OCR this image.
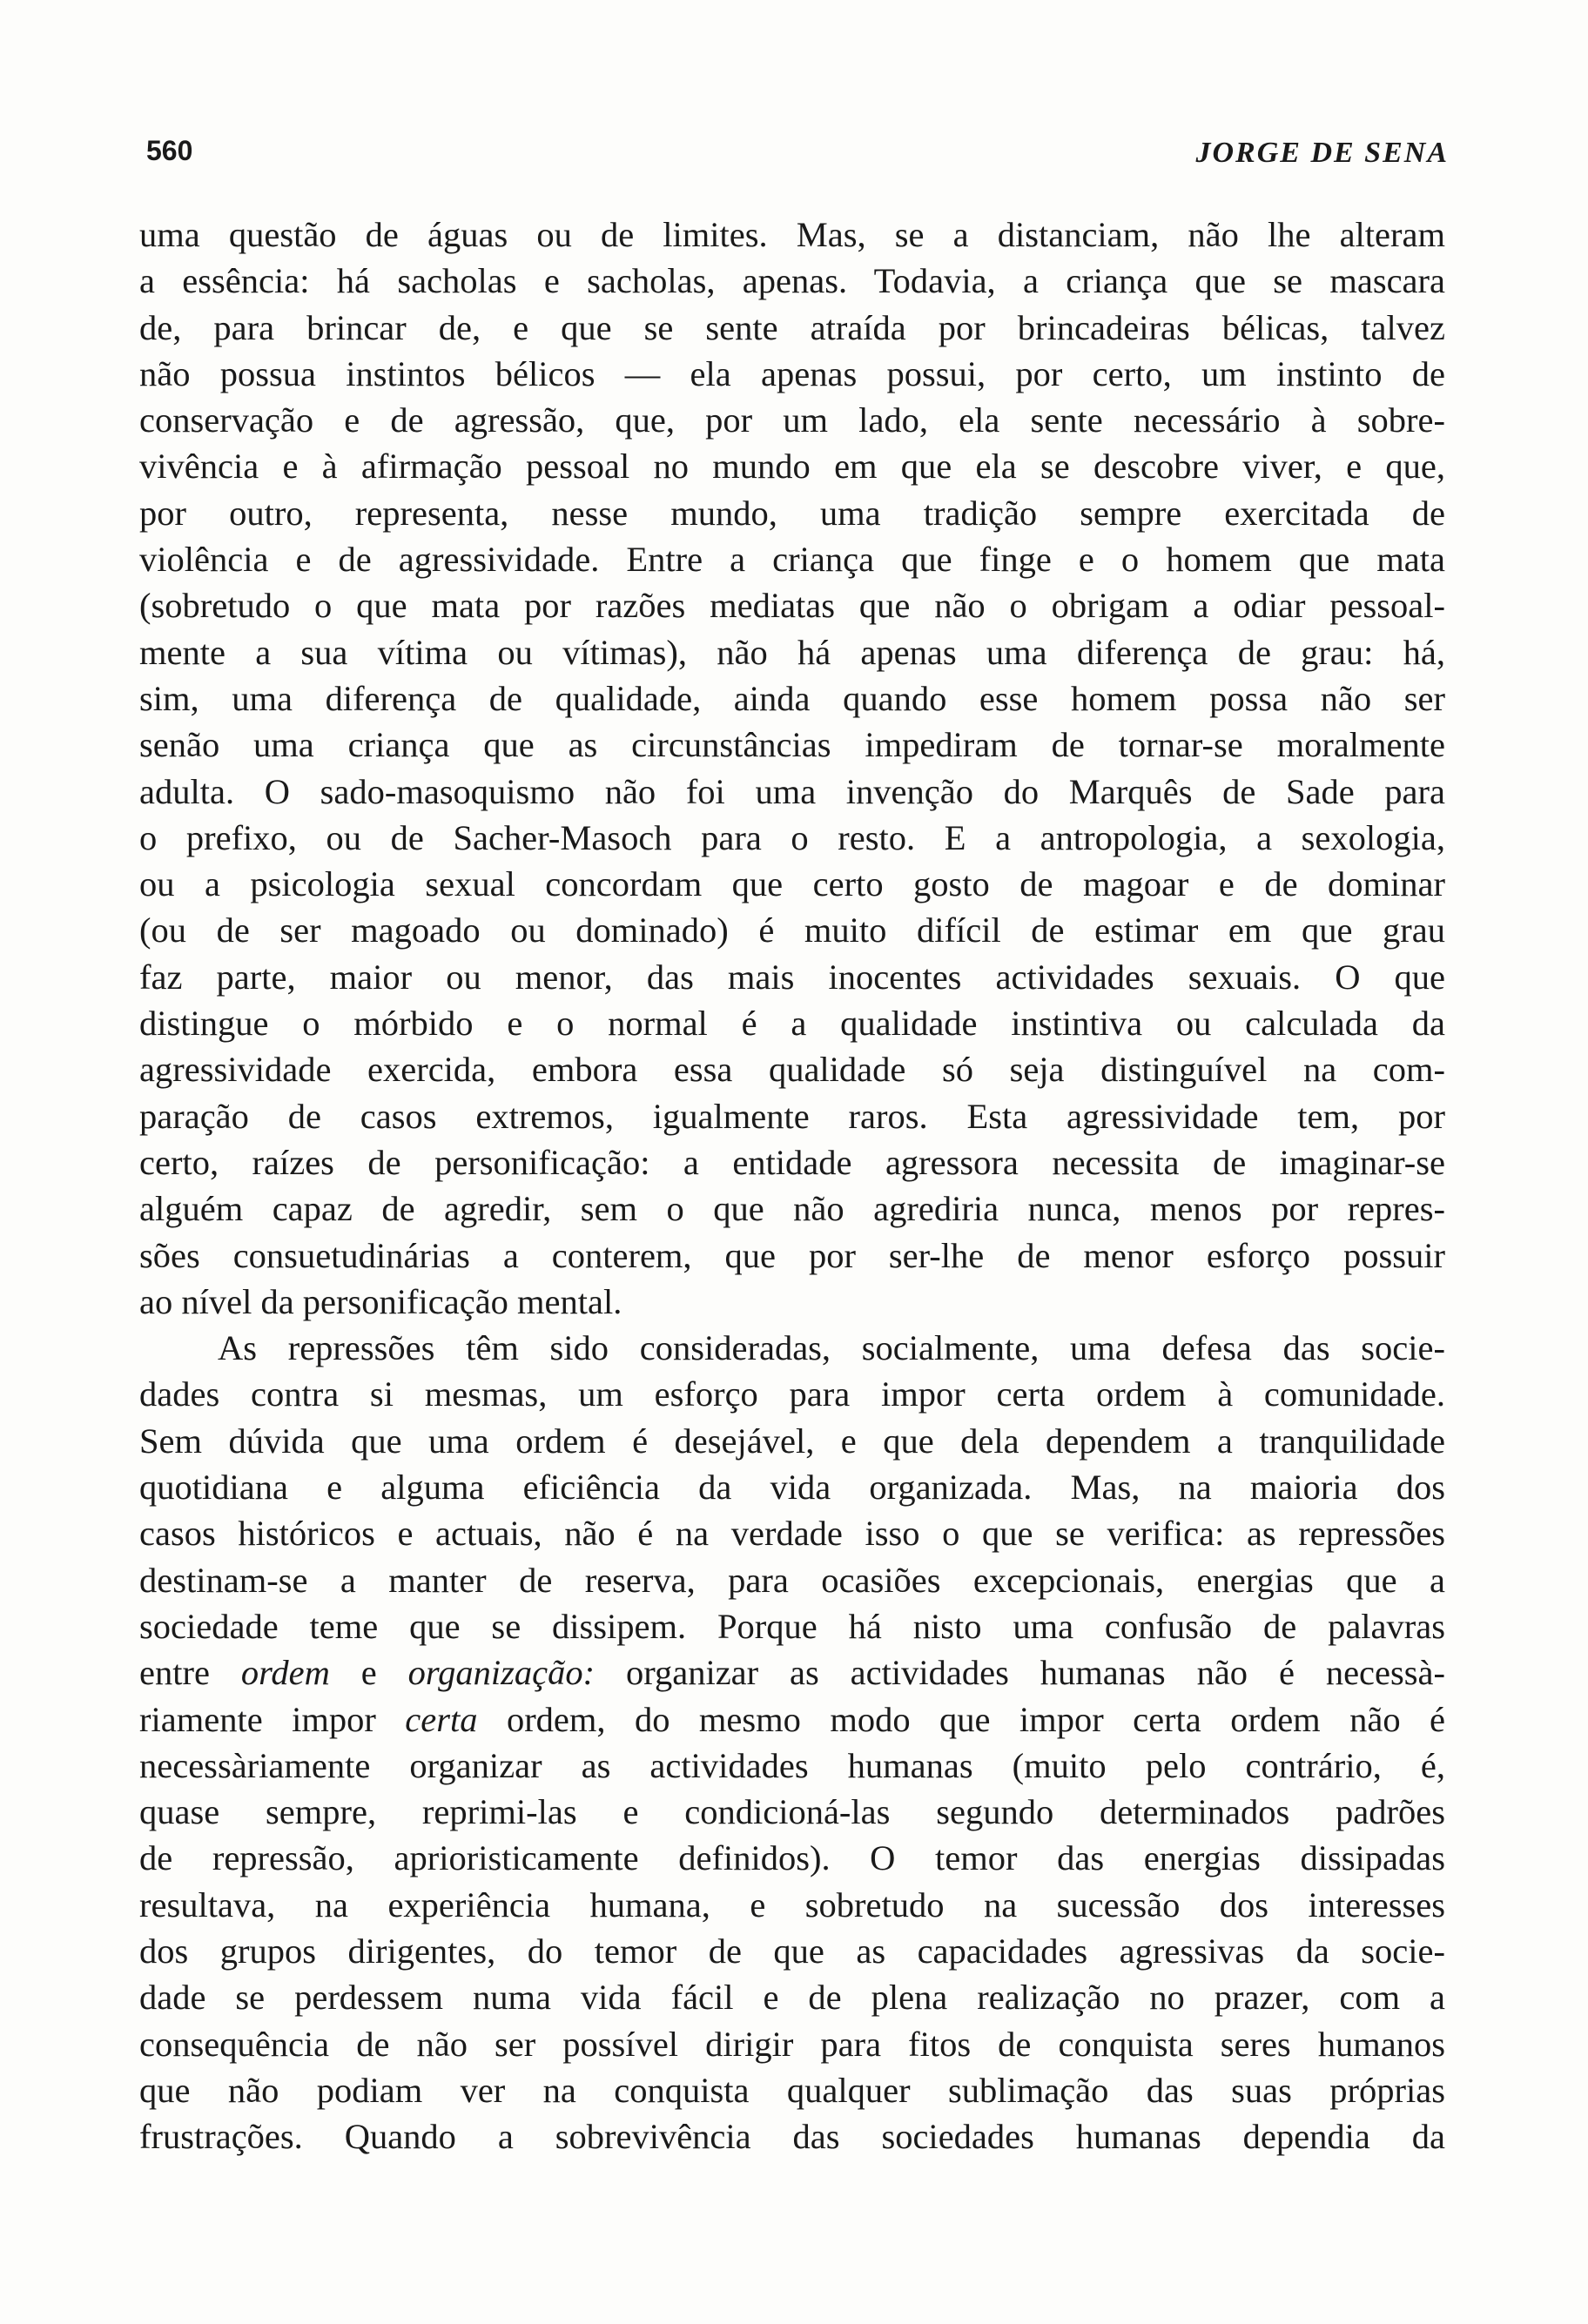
560	JORGE DE SENA
uma questão de águas ou de limites. Mas, se a distanciam, não lhe alteram
a essência: há sacholas e sacholas, apenas. Todavia, a criança que se mascara
de, para brincar de, e que se sente atraída por brincadeiras bélicas, talvez
não possua instintos bélicos — ela apenas possui, por certo, um instinto de
conservação e de agressão, que, por um lado, ela sente necessário à sobre-
vivência e à afirmação pessoal no mundo em que ela se descobre viver, e que,
por outro, representa, nesse mundo, uma tradição sempre exercitada de
violência e de agressividade. Entre a criança que finge e o homem que mata
(sobretudo o que mata por razões mediatas que não o obrigam a odiar pessoal-
mente a sua vítima ou vítimas), não há apenas uma diferença de grau: há,
sim, uma diferença de qualidade, ainda quando esse homem possa não ser
senão uma criança que as circunstâncias impediram de tornar-se moralmente
adulta. O sado-masoquismo não foi uma invenção do Marquês de Sade para
o prefixo, ou de Sacher-Masoch para o resto. E a antropologia, a sexologia,
ou a psicologia sexual concordam que certo gosto de magoar e de dominar
(ou de ser magoado ou dominado) é muito difícil de estimar em que grau
faz parte, maior ou menor, das mais inocentes actividades sexuais. O que
distingue o mórbido e o normal é a qualidade instintiva ou calculada da
agressividade exercida, embora essa qualidade só seja distinguível na com-
paração de casos extremos, igualmente raros. Esta agressividade tem, por
certo, raízes de personificação: a entidade agressora necessita de imaginar-se
alguém capaz de agredir, sem o que não agrediria nunca, menos por repres-
sões consuetudinárias a conterem, que por ser-lhe de menor esforço possuir
ao nível da personificação mental.
As repressões têm sido consideradas, socialmente, uma defesa das socie-
dades contra si mesmas, um esforço para impor certa ordem à comunidade.
Sem dúvida que uma ordem é desejável, e que dela dependem a tranquilidade
quotidiana e alguma eficiência da vida organizada. Mas, na maioria dos
casos históricos e actuais, não é na verdade isso o que se verifica: as repressões
destinam-se a manter de reserva, para ocasiões excepcionais, energias que a
sociedade teme que se dissipem. Porque há nisto uma confusão de palavras
entre ordem e organização: organizar as actividades humanas não é necessà-
riamente impor certa ordem, do mesmo modo que impor certa ordem não é
necessàriamente organizar as actividades humanas (muito pelo contrário, é,
quase sempre, reprimi-las e condicioná-las segundo determinados padrões
de repressão, aprioristicamente definidos). O temor das energias dissipadas
resultava, na experiência humana, e sobretudo na sucessão dos interesses
dos grupos dirigentes, do temor de que as capacidades agressivas da socie-
dade se perdessem numa vida fácil e de plena realização no prazer, com a
consequência de não ser possível dirigir para fitos de conquista seres humanos
que não podiam ver na conquista qualquer sublimação das suas próprias
frustrações. Quando a sobrevivência das sociedades humanas dependia da
